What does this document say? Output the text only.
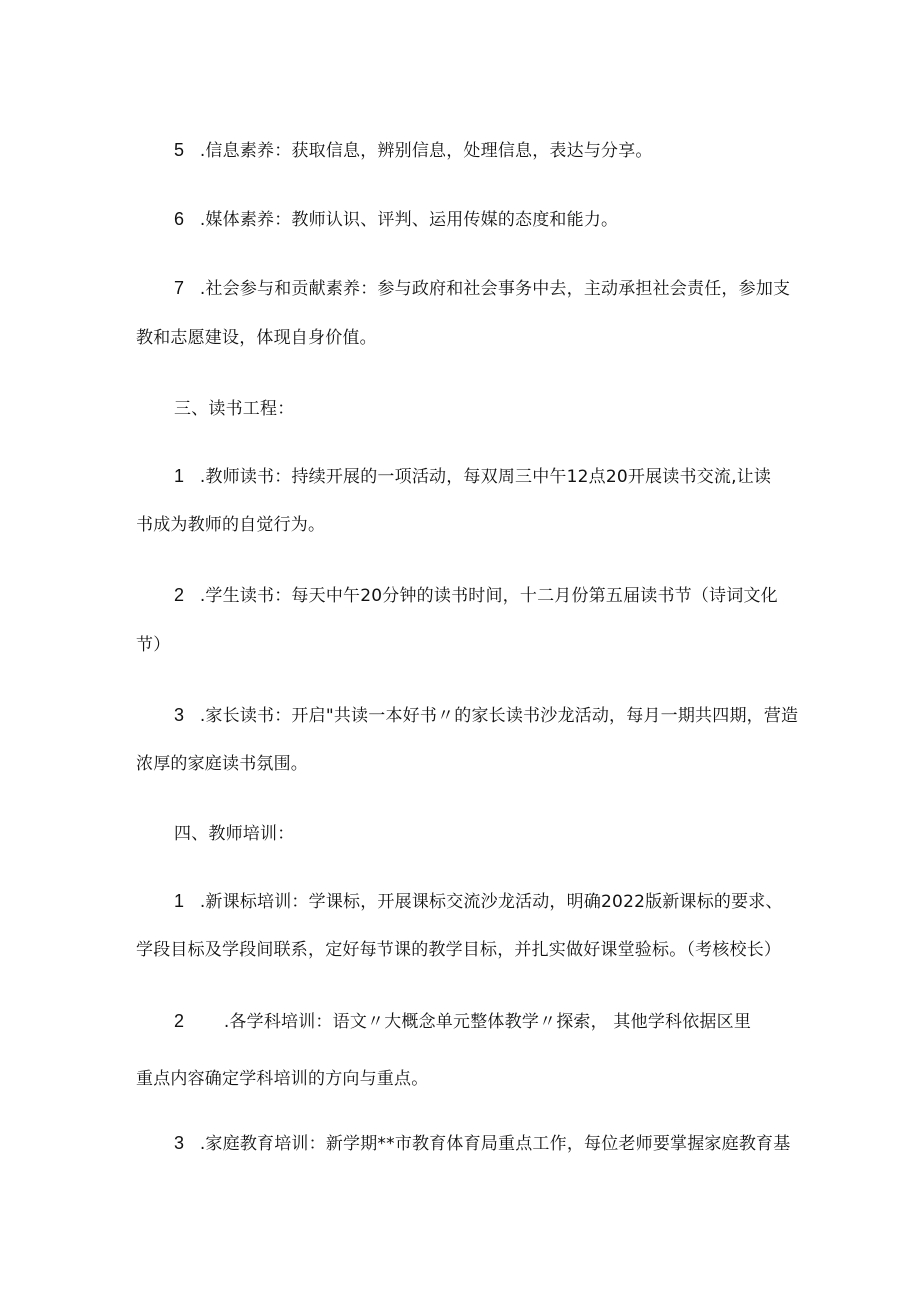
5 .信息素养：获取信息，辨别信息，处理信息，表达与分享。
6 .媒体素养：教师认识、评判、运用传媒的态度和能力。
7 .社会参与和贡献素养：参与政府和社会事务中去，主动承担社会责任，参加支
教和志愿建设，体现自身价值。
三、读书工程：
1 .教师读书：持续开展的一项活动，每双周三中午12点20开展读书交流,让读
书成为教师的自觉行为。
2 .学生读书：每天中午20分钟的读书时间，十二月份第五届读书节（诗词文化
节）
3 .家长读书：开启"共读一本好书〃的家长读书沙龙活动，每月一期共四期，营造
浓厚的家庭读书氛围。
四、教师培训：
1 .新课标培训：学课标，开展课标交流沙龙活动，明确2022版新课标的要求、
学段目标及学段间联系，定好每节课的教学目标，并扎实做好课堂验标。（考核校长）
2 .各学科培训：语文〃大概念单元整体教学〃探索， 其他学科依据区里
重点内容确定学科培训的方向与重点。
3 .家庭教育培训：新学期**市教育体育局重点工作，每位老师要掌握家庭教育基
